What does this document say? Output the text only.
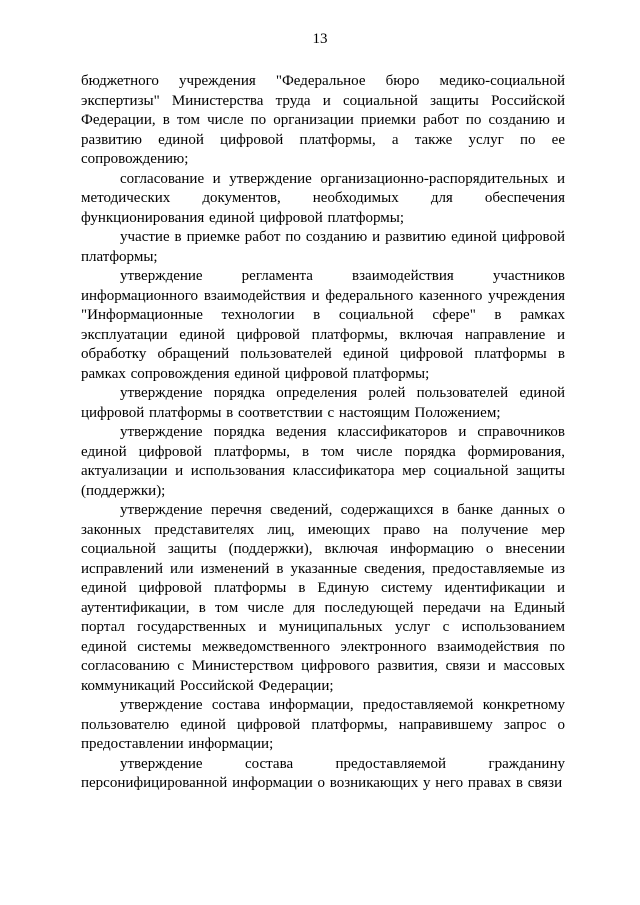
13

бюджетного учреждения "Федеральное бюро медико-социальной экспертизы" Министерства труда и социальной защиты Российской Федерации, в том числе по организации приемки работ по созданию и развитию единой цифровой платформы, а также услуг по ее сопровождению;

согласование и утверждение организационно-распорядительных и методических документов, необходимых для обеспечения функционирования единой цифровой платформы;

участие в приемке работ по созданию и развитию единой цифровой платформы;

утверждение регламента взаимодействия участников информационного взаимодействия и федерального казенного учреждения "Информационные технологии в социальной сфере" в рамках эксплуатации единой цифровой платформы, включая направление и обработку обращений пользователей единой цифровой платформы в рамках сопровождения единой цифровой платформы;

утверждение порядка определения ролей пользователей единой цифровой платформы в соответствии с настоящим Положением;

утверждение порядка ведения классификаторов и справочников единой цифровой платформы, в том числе порядка формирования, актуализации и использования классификатора мер социальной защиты (поддержки);

утверждение перечня сведений, содержащихся в банке данных о законных представителях лиц, имеющих право на получение мер социальной защиты (поддержки), включая информацию о внесении исправлений или изменений в указанные сведения, предоставляемые из единой цифровой платформы в Единую систему идентификации и аутентификации, в том числе для последующей передачи на Единый портал государственных и муниципальных услуг с использованием единой системы межведомственного электронного взаимодействия по согласованию с Министерством цифрового развития, связи и массовых коммуникаций Российской Федерации;

утверждение состава информации, предоставляемой конкретному пользователю единой цифровой платформы, направившему запрос о предоставлении информации;

утверждение состава предоставляемой гражданину персонифицированной информации о возникающих у него правах в связи
